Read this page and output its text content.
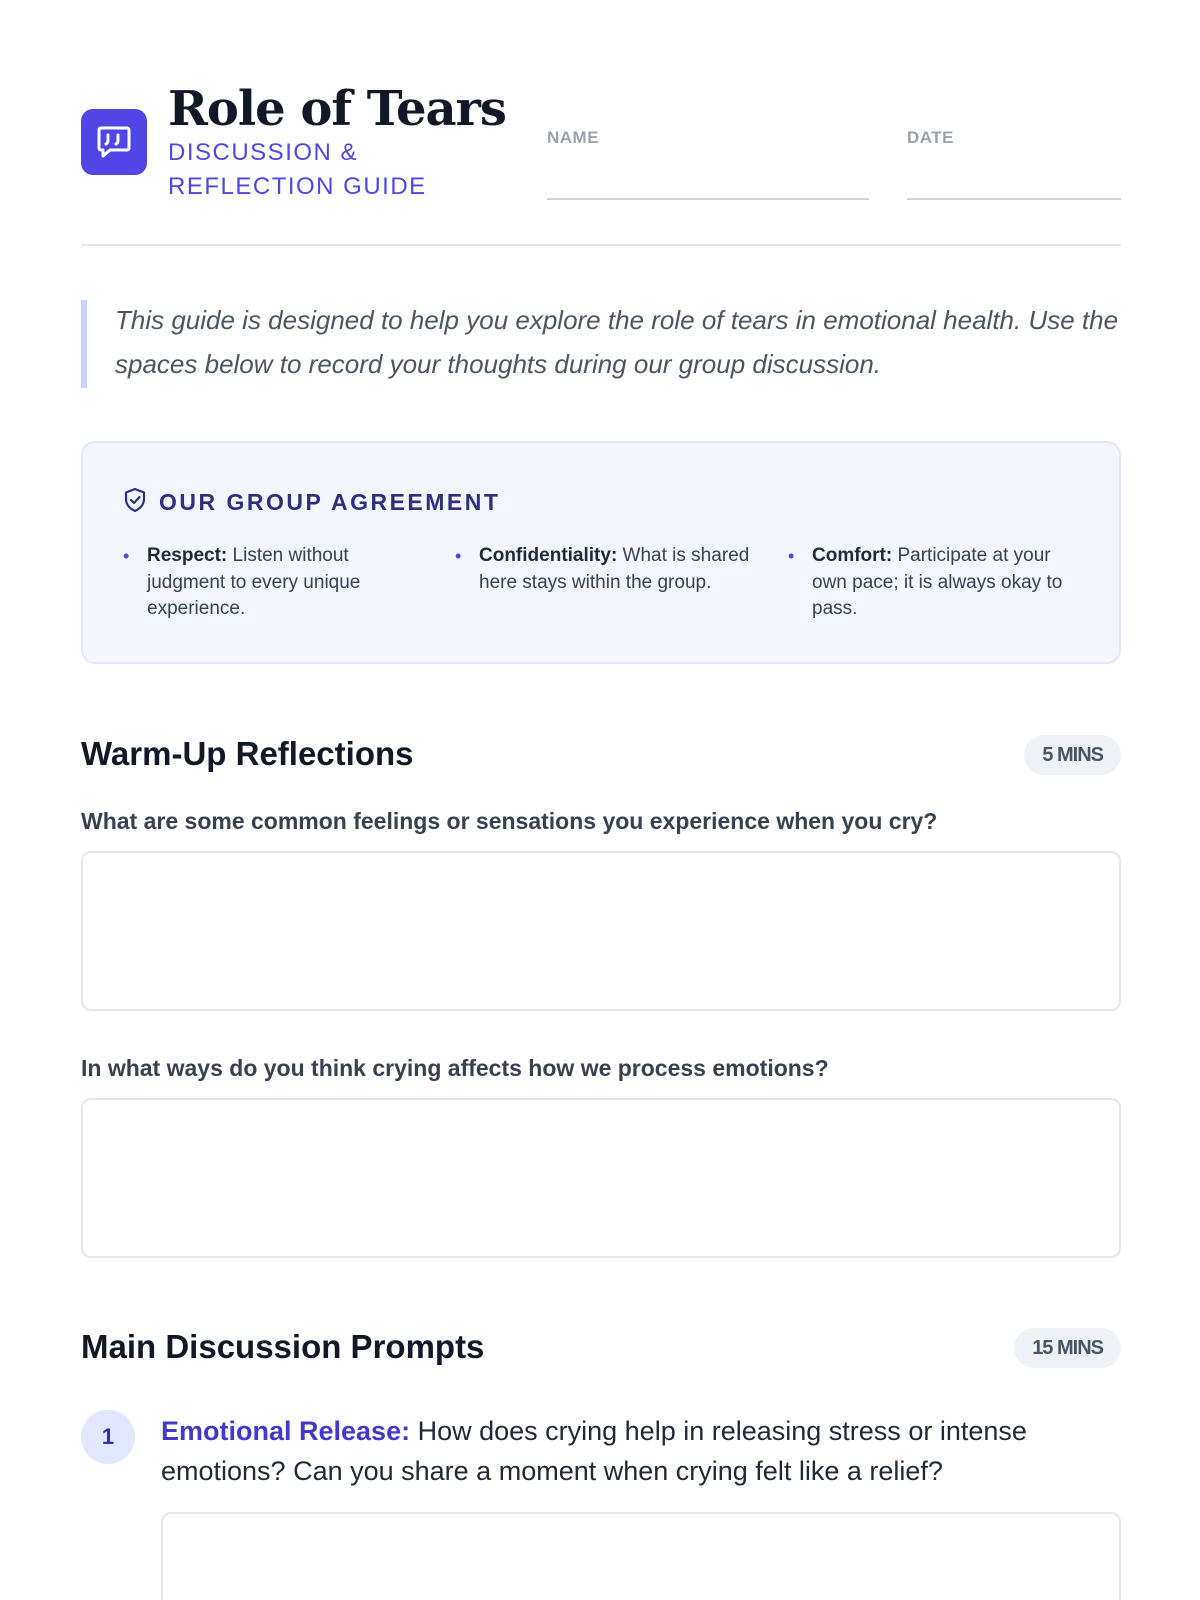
Role of Tears
DISCUSSION & REFLECTION GUIDE
NAME	DATE

This guide is designed to help you explore the role of tears in emotional health. Use the spaces below to record your thoughts during our group discussion.

OUR GROUP AGREEMENT
• Respect: Listen without judgment to every unique experience.
• Confidentiality: What is shared here stays within the group.
• Comfort: Participate at your own pace; it is always okay to pass.
Warm-Up Reflections	5 MINS
What are some common feelings or sensations you experience when you cry?
In what ways do you think crying affects how we process emotions?
Main Discussion Prompts	15 MINS
1	Emotional Release: How does crying help in releasing stress or intense emotions? Can you share a moment when crying felt like a relief?
